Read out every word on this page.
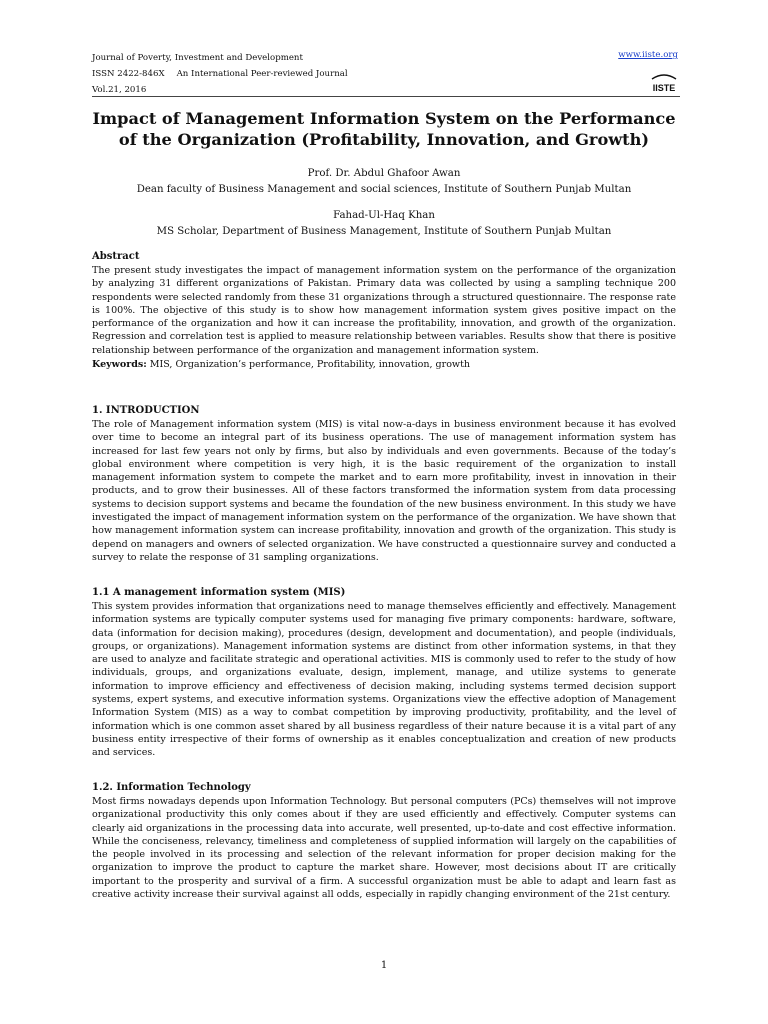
Journal of Poverty, Investment and Development
ISSN 2422-846X An International Peer-reviewed Journal
Vol.21, 2016
www.iiste.org
IISTE
Impact of Management Information System on the Performance
of the Organization (Profitability, Innovation, and Growth)
Prof. Dr. Abdul Ghafoor Awan
Dean faculty of Business Management and social sciences, Institute of Southern Punjab Multan
Fahad-Ul-Haq Khan
MS Scholar, Department of Business Management, Institute of Southern Punjab Multan

Abstract

The present study investigates the impact of management information system on the performance of the organization by analyzing 31 different organizations of Pakistan. Primary data was collected by using a sampling technique 200 respondents were selected randomly from these 31 organizations through a structured questionnaire. The response rate is 100%. The objective of this study is to show how management information system gives positive impact on the performance of the organization and how it can increase the profitability, innovation, and growth of the organization. Regression and correlation test is applied to measure relationship between variables. Results show that there is positive relationship between performance of the organization and management information system.

Keywords: MIS, Organization’s performance, Profitability, innovation, growth

1. INTRODUCTION

The role of Management information system (MIS) is vital now-a-days in business environment because it has evolved over time to become an integral part of its business operations. The use of management information system has increased for last few years not only by firms, but also by individuals and even governments. Because of the today’s global environment where competition is very high, it is the basic requirement of the organization to install management information system to compete the market and to earn more profitability, invest in innovation in their products, and to grow their businesses. All of these factors transformed the information system from data processing systems to decision support systems and became the foundation of the new business environment. In this study we have investigated the impact of management information system on the performance of the organization. We have shown that how management information system can increase profitability, innovation and growth of the organization. This study is depend on managers and owners of selected organization. We have constructed a questionnaire survey and conducted a survey to relate the response of 31 sampling organizations.

1.1 A management information system (MIS)

This system provides information that organizations need to manage themselves efficiently and effectively. Management information systems are typically computer systems used for managing five primary components: hardware, software, data (information for decision making), procedures (design, development and documentation), and people (individuals, groups, or organizations). Management information systems are distinct from other information systems, in that they are used to analyze and facilitate strategic and operational activities. MIS is commonly used to refer to the study of how individuals, groups, and organizations evaluate, design, implement, manage, and utilize systems to generate information to improve efficiency and effectiveness of decision making, including systems termed decision support systems, expert systems, and executive information systems. Organizations view the effective adoption of Management Information System (MIS) as a way to combat competition by improving productivity, profitability, and the level of information which is one common asset shared by all business regardless of their nature because it is a vital part of any business entity irrespective of their forms of ownership as it enables conceptualization and creation of new products and services.

1.2. Information Technology

Most firms nowadays depends upon Information Technology. But personal computers (PCs) themselves will not improve organizational productivity this only comes about if they are used efficiently and effectively. Computer systems can clearly aid organizations in the processing data into accurate, well presented, up-to-date and cost effective information. While the conciseness, relevancy, timeliness and completeness of supplied information will largely on the capabilities of the people involved in its processing and selection of the relevant information for proper decision making for the organization to improve the product to capture the market share. However, most decisions about IT are critically important to the prosperity and survival of a firm. A successful organization must be able to adapt and learn fast as creative activity increase their survival against all odds, especially in rapidly changing environment of the 21st century.

1
